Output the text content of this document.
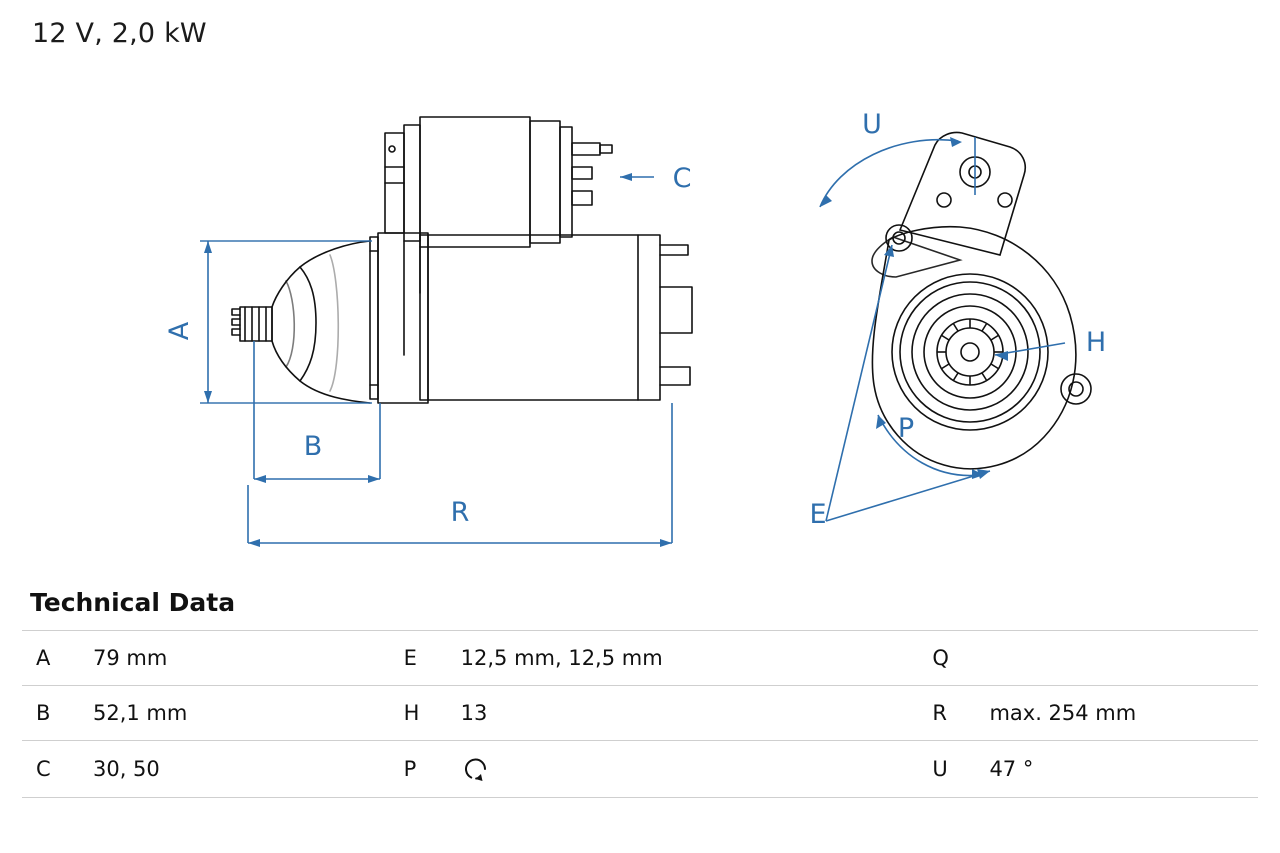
12 V, 2,0 kW
A
B
R
C
U
H
P
E
Technical Data
A	79 mm	E	12,5 mm, 12,5 mm	Q	
B	52,1 mm	H	13	R	max. 254 mm
C	30, 50	P		U	47 °
